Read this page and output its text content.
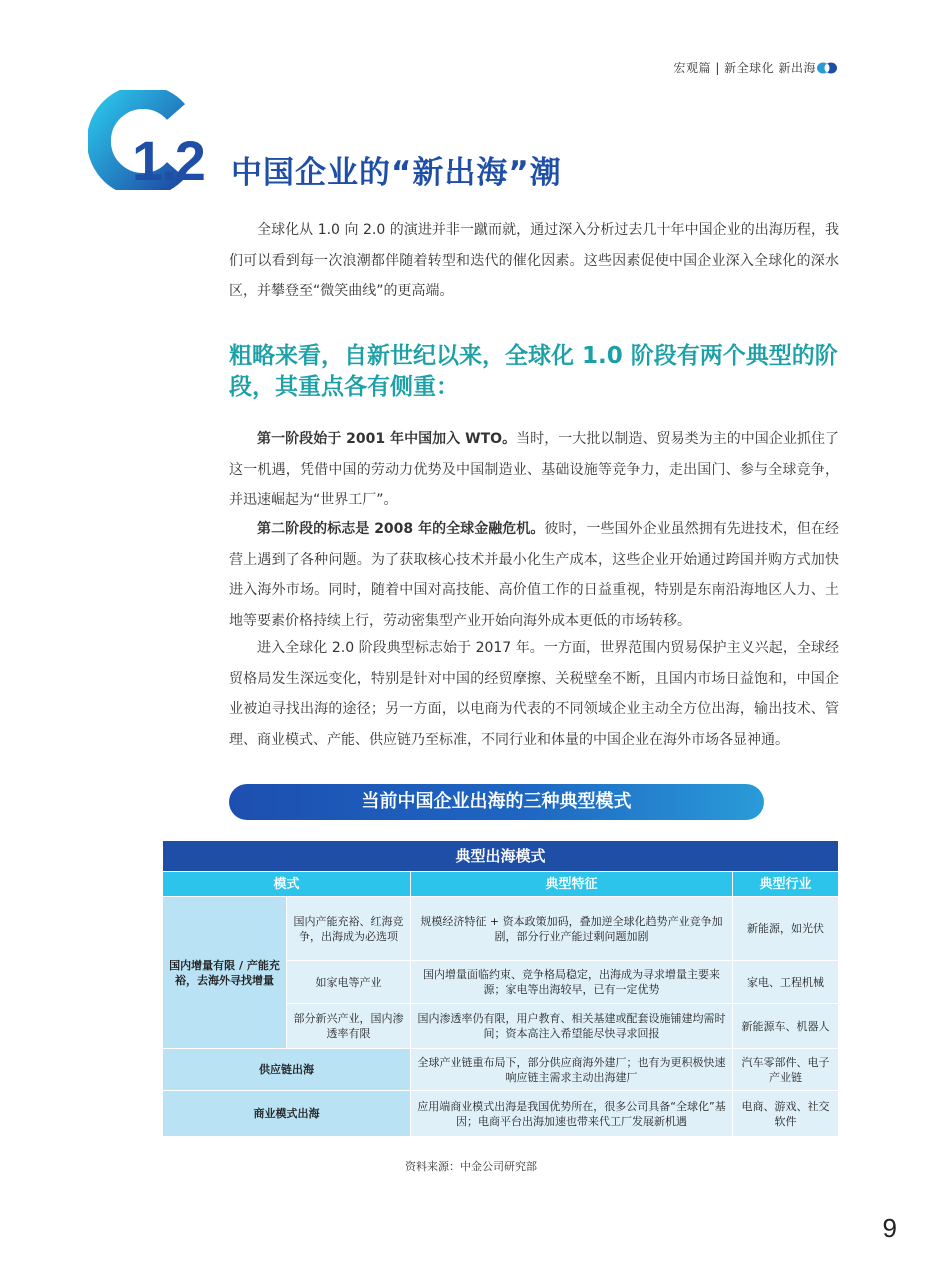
宏观篇 | 新全球化 新出海
1.2 中国企业的“新出海”潮
全球化从 1.0 向 2.0 的演进并非一蹴而就，通过深入分析过去几十年中国企业的出海历程，我们可以看到每一次浪潮都伴随着转型和迭代的催化因素。这些因素促使中国企业深入全球化的深水区，并攀登至“微笑曲线”的更高端。
粗略来看，自新世纪以来，全球化 1.0 阶段有两个典型的阶段，其重点各有侧重：
第一阶段始于 2001 年中国加入 WTO。当时，一大批以制造、贸易类为主的中国企业抓住了这一机遇，凭借中国的劳动力优势及中国制造业、基础设施等竞争力，走出国门、参与全球竞争，并迅速崛起为“世界工厂”。
第二阶段的标志是 2008 年的全球金融危机。彼时，一些国外企业虽然拥有先进技术，但在经营上遇到了各种问题。为了获取核心技术并最小化生产成本，这些企业开始通过跨国并购方式加快进入海外市场。同时，随着中国对高技能、高价值工作的日益重视，特别是东南沿海地区人力、土地等要素价格持续上行，劳动密集型产业开始向海外成本更低的市场转移。
进入全球化 2.0 阶段典型标志始于 2017 年。一方面，世界范围内贸易保护主义兴起，全球经贸格局发生深远变化，特别是针对中国的经贸摩擦、关税壁垒不断，且国内市场日益饱和，中国企业被迫寻找出海的途径；另一方面，以电商为代表的不同领域企业主动全方位出海，输出技术、管理、商业模式、产能、供应链乃至标准，不同行业和体量的中国企业在海外市场各显神通。
当前中国企业出海的三种典型模式
典型出海模式			
模式		典型特征	典型行业
国内增量有限 / 产能充裕，去海外寻找增量	国内产能充裕、红海竞争，出海成为必选项	规模经济特征 + 资本政策加码，叠加逆全球化趋势产业竞争加剧，部分行业产能过剩问题加剧	新能源，如光伏
	如家电等产业	国内增量面临约束、竞争格局稳定，出海成为寻求增量主要来源；家电等出海较早，已有一定优势	家电、工程机械
	部分新兴产业，国内渗透率有限	国内渗透率仍有限，用户教育、相关基建或配套设施铺建均需时间；资本高注入希望能尽快寻求回报	新能源车、机器人
供应链出海		全球产业链重布局下，部分供应商海外建厂；也有为更积极快速响应链主需求主动出海建厂	汽车零部件、电子产业链
商业模式出海		应用端商业模式出海是我国优势所在，很多公司具备“全球化”基因；电商平台出海加速也带来代工厂发展新机遇	电商、游戏、社交软件
资料来源：中金公司研究部
9
